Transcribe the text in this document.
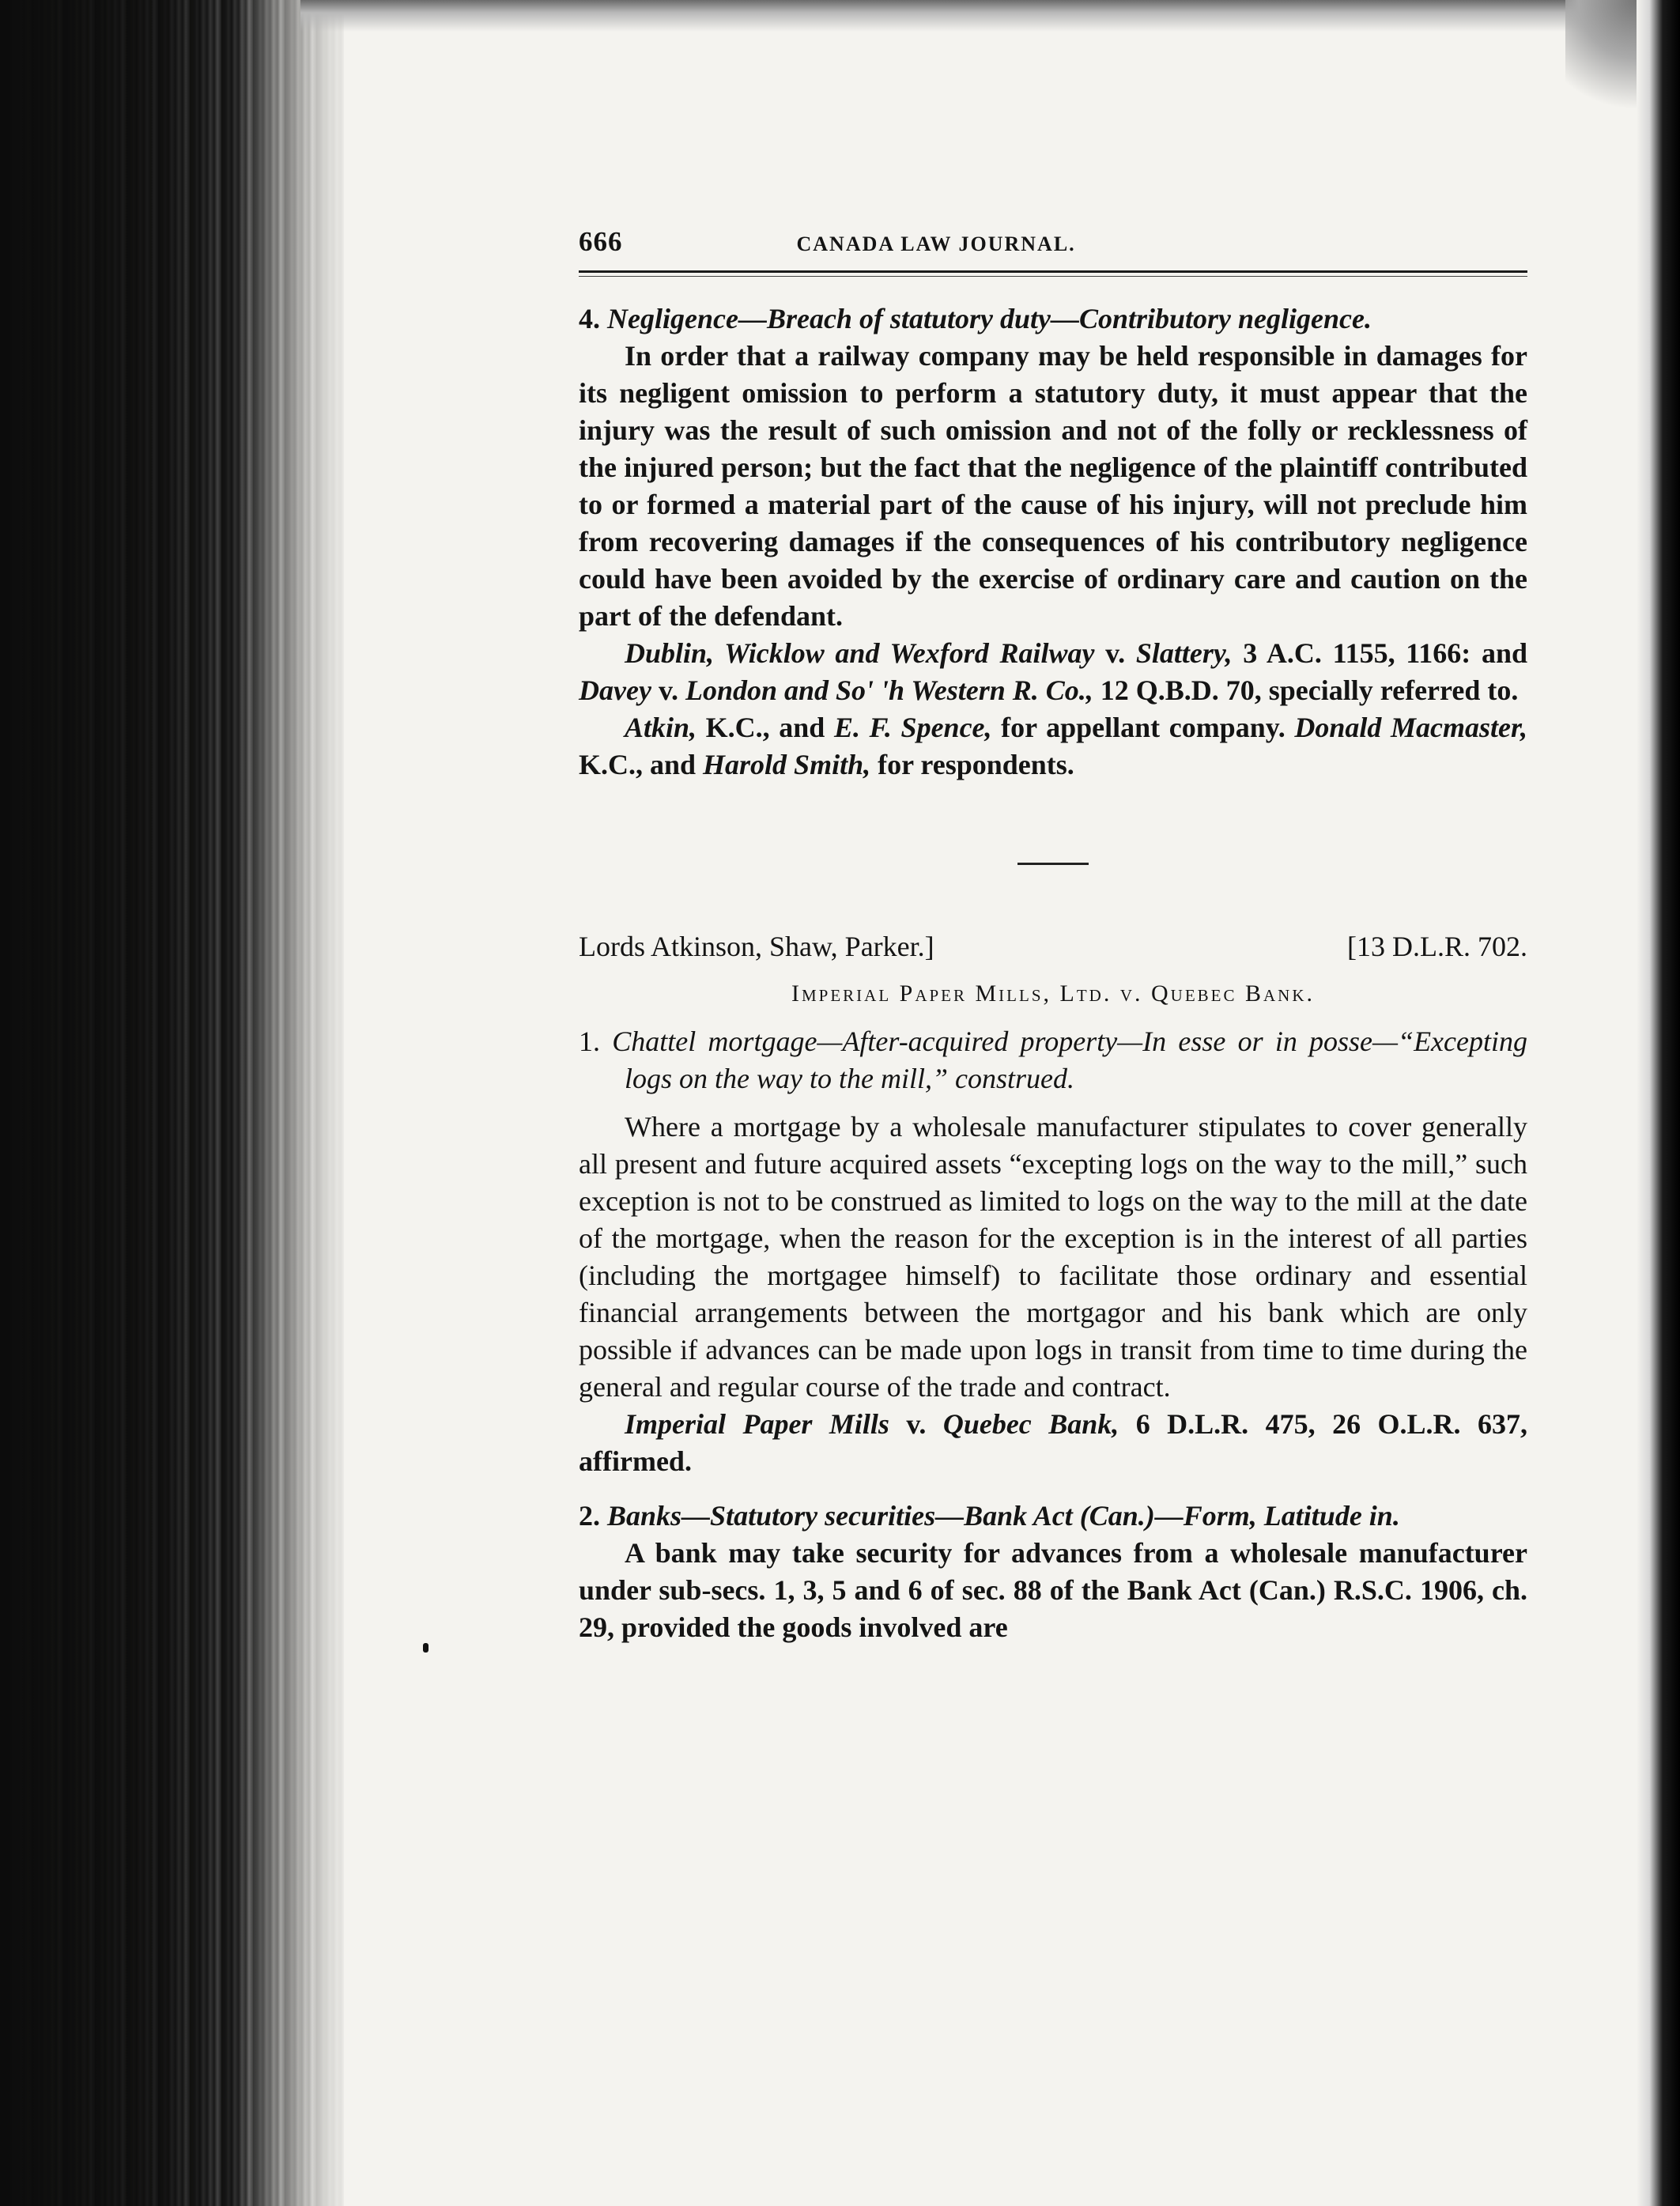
666	CANADA LAW JOURNAL.

4. Negligence—Breach of statutory duty—Contributory negligence.

In order that a railway company may be held responsible in damages for its negligent omission to perform a statutory duty, it must appear that the injury was the result of such omission and not of the folly or recklessness of the injured person; but the fact that the negligence of the plaintiff contributed to or formed a material part of the cause of his injury, will not preclude him from recovering damages if the consequences of his contributory negligence could have been avoided by the exercise of ordinary care and caution on the part of the defendant.

Dublin, Wicklow and Wexford Railway v. Slattery, 3 A.C. 1155, 1166: and Davey v. London and So' 'h Western R. Co., 12 Q.B.D. 70, specially referred to.

Atkin, K.C., and E. F. Spence, for appellant company. Donald Macmaster, K.C., and Harold Smith, for respondents.

Lords Atkinson, Shaw, Parker.]	[13 D.L.R. 702.
Imperial Paper Mills, Ltd. v. Quebec Bank.

1. Chattel mortgage—After-acquired property—In esse or in posse—“Excepting logs on the way to the mill,” construed.

Where a mortgage by a wholesale manufacturer stipulates to cover generally all present and future acquired assets “excepting logs on the way to the mill,” such exception is not to be construed as limited to logs on the way to the mill at the date of the mortgage, when the reason for the exception is in the interest of all parties (including the mortgagee himself) to facilitate those ordinary and essential financial arrangements between the mortgagor and his bank which are only possible if advances can be made upon logs in transit from time to time during the general and regular course of the trade and contract.

Imperial Paper Mills v. Quebec Bank, 6 D.L.R. 475, 26 O.L.R. 637, affirmed.

2. Banks—Statutory securities—Bank Act (Can.)—Form, Latitude in.

A bank may take security for advances from a wholesale manufacturer under sub-secs. 1, 3, 5 and 6 of sec. 88 of the Bank Act (Can.) R.S.C. 1906, ch. 29, provided the goods involved are
